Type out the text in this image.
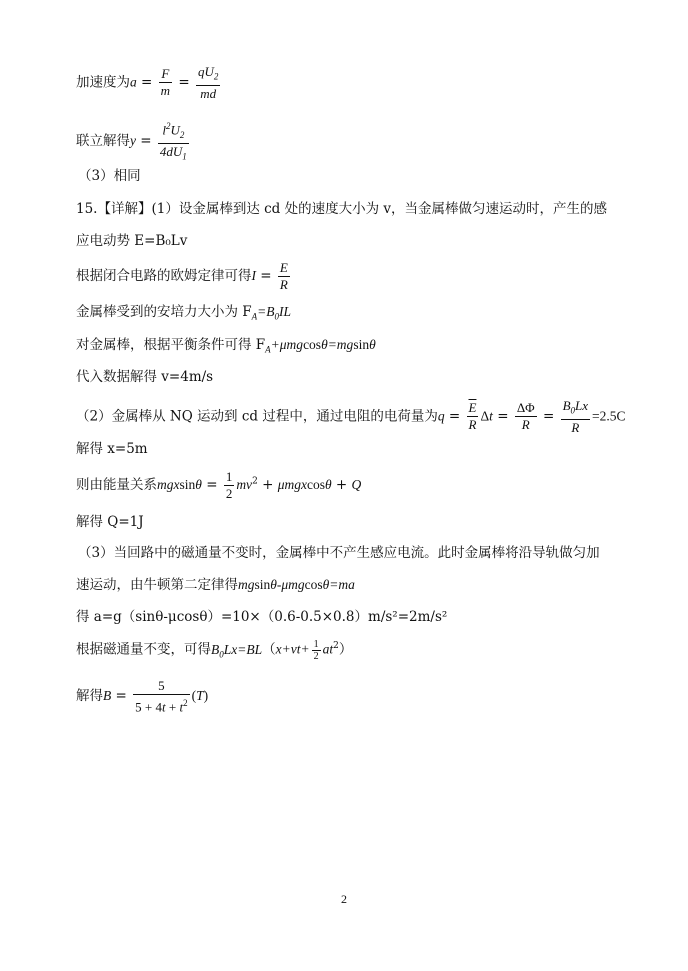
加速度为$a = \frac{F}{m} = \frac{qU_2}{md}$
联立解得$y = \frac{l^2U_2}{4dU_1}$
（3）相同
15.【详解】(1）设金属棒到达 cd 处的速度大小为 v，当金属棒做匀速运动时，产生的感
应电动势 E=B₀Lv
根据闭合电路的欧姆定律可得$I = \frac{E}{R}$
金属棒受到的安培力大小为 $F_A=B_0IL$
对金属棒，根据平衡条件可得 $F_A+\mu mgcos\theta=mgsin\theta$
代入数据解得 v=4m/s
（2）金属棒从 NQ 运动到 cd 过程中，通过电阻的电荷量为$q = \frac{\overline{E}}{R}$ $\Delta t = \frac{\Delta\Phi}{R} = \frac{B_0Lx}{R} =2.5C$
解得 x=5m
则由能量关系$mgxsin\theta = \frac{1}{2} mv^2 + \mu mgxcos\theta + Q$
解得 Q=1J
（3）当回路中的磁通量不变时，金属棒中不产生感应电流。此时金属棒将沿导轨做匀加
速运动，由牛顿第二定律得mgsinθ-μmgcosθ=ma
得 a=g（sinθ-μcosθ）=10×（0.6-0.5×0.8）m/s²=2m/s²
根据磁通量不变，可得$B_0Lx=BL(x+vt+ \frac{1}{2} at^2)$
解得$B = \frac{5}{5 + 4t + t^2} (T)$
2
